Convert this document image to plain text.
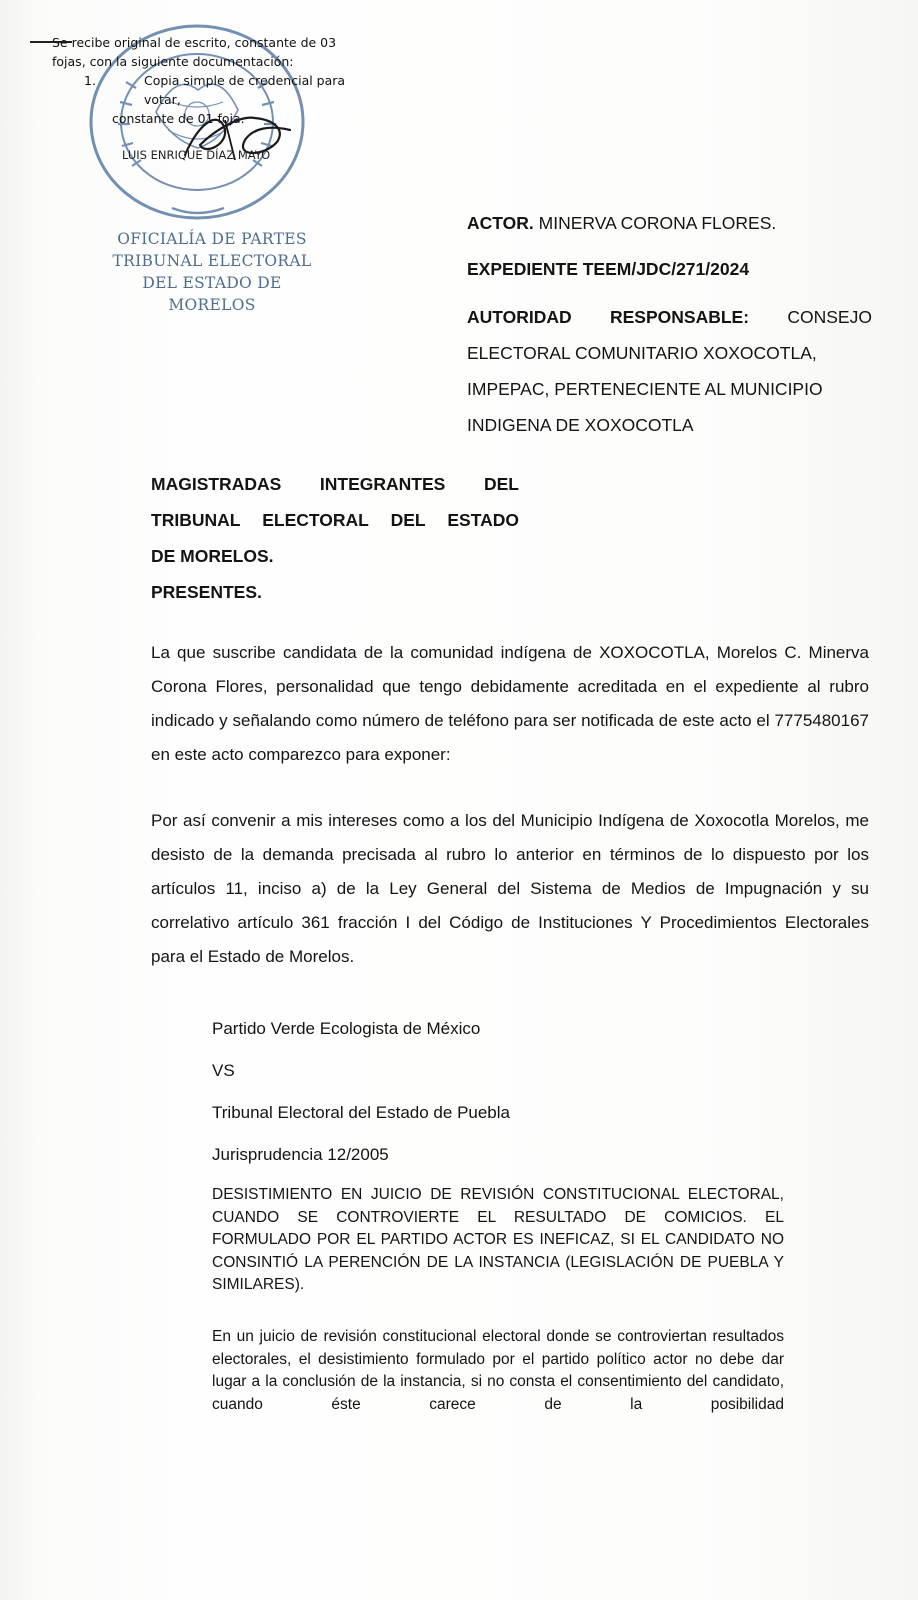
Se recibe original de escrito, constante de 03
fojas, con la siguiente documentación:
1.	Copia simple de credencial para votar,
constante de 01 foja.
LUIS ENRIQUE DÍAZ MAYO
OFICIALÍA DE PARTES
TRIBUNAL ELECTORAL
DEL ESTADO DE MORELOS
ACTOR. MINERVA CORONA FLORES.
EXPEDIENTE TEEM/JDC/271/2024
AUTORIDAD RESPONSABLE: CONSEJO
ELECTORAL COMUNITARIO XOXOCOTLA,
IMPEPAC, PERTENECIENTE AL MUNICIPIO
INDIGENA DE XOXOCOTLA
MAGISTRADAS INTEGRANTES DEL
TRIBUNAL ELECTORAL DEL ESTADO
DE MORELOS.
PRESENTES.
La que suscribe candidata de la comunidad indígena de XOXOCOTLA, Morelos C. Minerva Corona Flores, personalidad que tengo debidamente acreditada en el expediente al rubro indicado y señalando como número de teléfono para ser notificada de este acto el 7775480167 en este acto comparezco para exponer:
Por así convenir a mis intereses como a los del Municipio Indígena de Xoxocotla Morelos, me desisto de la demanda precisada al rubro lo anterior en términos de lo dispuesto por los artículos 11, inciso a) de la Ley General del Sistema de Medios de Impugnación y su correlativo artículo 361 fracción I del Código de Instituciones Y Procedimientos Electorales para el Estado de Morelos.
Partido Verde Ecologista de México
VS
Tribunal Electoral del Estado de Puebla
Jurisprudencia 12/2005
DESISTIMIENTO EN JUICIO DE REVISIÓN CONSTITUCIONAL ELECTORAL, CUANDO SE CONTROVIERTE EL RESULTADO DE COMICIOS. EL FORMULADO POR EL PARTIDO ACTOR ES INEFICAZ, SI EL CANDIDATO NO CONSINTIÓ LA PERENCIÓN DE LA INSTANCIA (LEGISLACIÓN DE PUEBLA Y SIMILARES).
En un juicio de revisión constitucional electoral donde se controviertan resultados electorales, el desistimiento formulado por el partido político actor no debe dar lugar a la conclusión de la instancia, si no consta el consentimiento del candidato, cuando éste carece de la posibilidad
